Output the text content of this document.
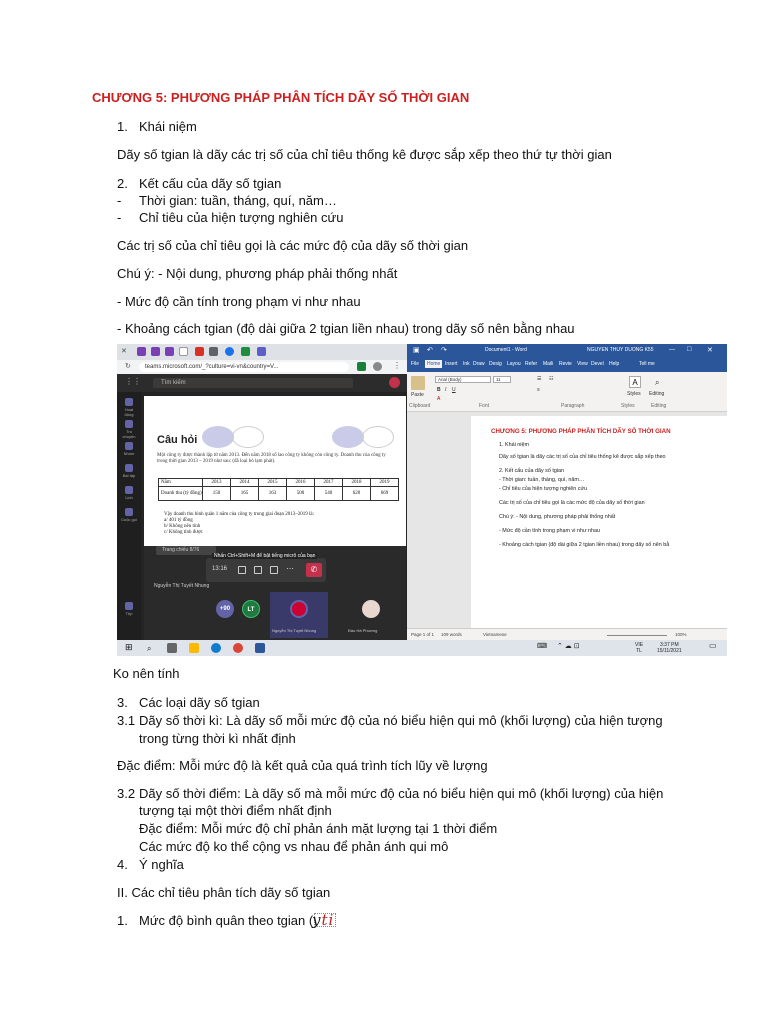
CHƯƠNG 5: PHƯƠNG PHÁP PHÂN TÍCH DÃY SỐ THỜI GIAN
1. Khái niệm
Dãy số tgian là dãy các trị số của chỉ tiêu thống kê được sắp xếp theo thứ tự thời gian
2. Kết cấu của dãy số tgian
- Thời gian: tuần, tháng, quí, năm…
- Chỉ tiêu của hiện tượng nghiên cứu
Các trị số của chỉ tiêu gọi là các mức độ của dãy số thời gian
Chú ý: - Nội dung, phương pháp phải thống nhất
- Mức độ cần tính trong phạm vi như nhau
- Khoảng cách tgian (độ dài giữa 2 tgian liền nhau) trong dãy số nên bằng nhau
✕
↻	teams.microsoft.com/_?culture=vi-vn&country=V...	⋮
⋮⋮	Tìm kiếm
Hoạt động
Trò chuyện
Nhóm
Bài tập
Lịch
Cuộc gọi
Tệp
Câu hỏi
Một công ty được thành lập từ năm 2013. Đến năm 2018 số lao công ty không còn công ty. Doanh thu của công ty trong thời gian 2013 – 2019 như sau: (đã loại bỏ lạm phát).
Năm	2013	2014	2015	2016	2017	2018	2019
Doanh thu (tỷ đồng)	150	165	163	500	540	620	669
Vậy doanh thu bình quân 1 năm của công ty trong giai đoạn 2013–2019 là:
a/ 401 tỷ đồng
b/ Không nên tính
c/ Không tính được
Trang chiếu 8/76
13:16	⋯	✆
Nhấn Ctrl+Shift+M để bật tiếng micrô của bạn
Nguyễn Thị Tuyết Nhung
+90	LT
Nguyễn Thị Tuyết Nhung	Đào Hà Phương
▣ ↶ ↷	Document1 - Word	NGUYEN THUY DUONG K55	— □ ✕
File	Home Insert Ink Draw Desig Layou Refer Maili Revie View Devel Help	Tell me
Paste
Arial (Body)	11
B I U
A
☰ ☷
≡
A
Styles
⌕
Editing
Clipboard	Font	Paragraph	Styles	Editing
CHƯƠNG 5: PHƯƠNG PHÁP PHÂN TÍCH DÃY SỐ THỜI GIAN
1. Khái niệm
Dãy số tgian là dãy các trị số của chỉ tiêu thống kê được sắp xếp theo
2. Kết cấu của dãy số tgian
- Thời gian: tuần, tháng, quí, năm…
- Chỉ tiêu của hiện tượng nghiên cứu
Các trị số của chỉ tiêu gọi là các mức độ của dãy số thời gian
Chú ý: - Nội dung, phương pháp phải thống nhất
- Mức độ cần tính trong phạm vi như nhau
- Khoảng cách tgian (độ dài giữa 2 tgian liền nhau) trong dãy số nên bằ
Page 1 of 1 109 words	Vietnamese	100%
⊞ ⌕	⌨ ⌃ ☁ ⊡	VIE
TL
3:37 PM
15/11/2021
▭
Ko nên tính
3. Các loại dãy số tgian
3.1 Dãy số thời kì: Là dãy số mỗi mức độ của nó biểu hiện qui mô (khối lượng) của hiện tượng
trong từng thời kì nhất định
Đặc điểm: Mỗi mức độ là kết quả của quá trình tích lũy về lượng
3.2 Dãy số thời điểm: Là dãy số mà mỗi mức độ của nó biểu hiện qui mô (khối lượng) của hiện
tượng tại một thời điểm nhất định
Đặc điểm: Mỗi mức độ chỉ phản ánh mặt lượng tại 1 thời điểm
Các mức độ ko thể cộng vs nhau để phản ánh qui mô
4. Ý nghĩa
II. Các chỉ tiêu phân tích dãy số tgian
1. Mức độ bình quân theo tgian (
yti
